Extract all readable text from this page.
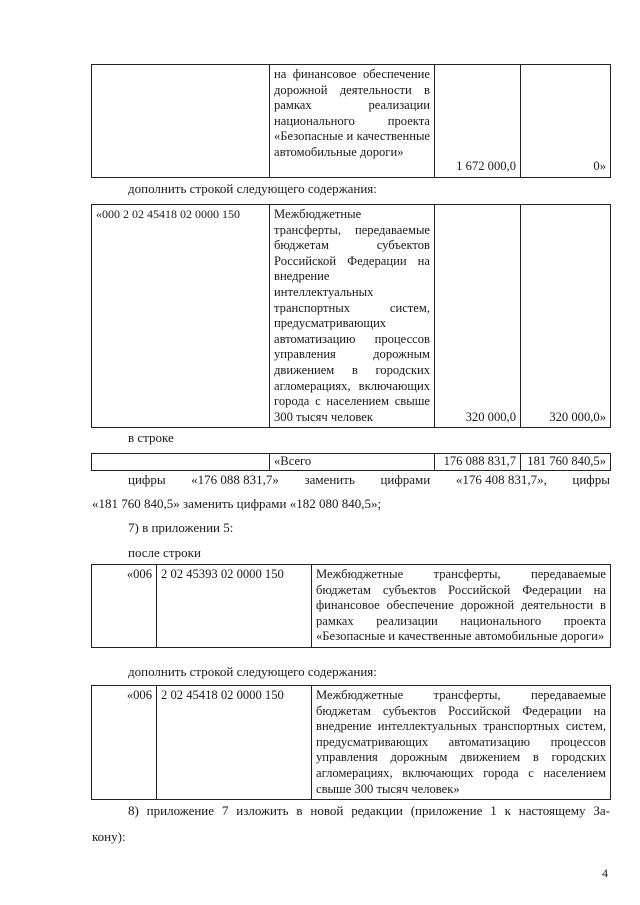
	на финансовое обеспечение дорожной деятельности в рамках реализации национального проекта «Безопасные и качественные автомобильные дороги»	1 672 000,0	0»
дополнить строкой следующего содержания:
«000 2 02 45418 02 0000 150	Межбюджетные трансферты, передаваемые бюджетам субъектов Российской Федерации на внедрение интеллектуальных транспортных систем, предусматривающих автоматизацию процессов управления дорожным движением в городских агломерациях, включающих города с населением свыше 300 тысяч человек	320 000,0	320 000,0»
в строке
	«Всего	176 088 831,7	181 760 840,5»
цифры «176 088 831,7» заменить цифрами «176 408 831,7», цифры
«181 760 840,5» заменить цифрами «182 080 840,5»;
7) в приложении 5:
после строки
«006	2 02 45393 02 0000 150	Межбюджетные трансферты, передаваемые бюджетам субъектов Российской Федерации на финансовое обеспечение дорожной деятельности в рамках реализации национального проекта «Безопасные и качественные автомобильные дороги»
дополнить строкой следующего содержания:
«006	2 02 45418 02 0000 150	Межбюджетные трансферты, передаваемые бюджетам субъектов Российской Федерации на внедрение интеллектуальных транспортных систем, предусматривающих автоматизацию процессов управления дорожным движением в городских агломерациях, включающих города с населением свыше 300 тысяч человек»
8) приложение 7 изложить в новой редакции (приложение 1 к настоящему За-
кону):
4
